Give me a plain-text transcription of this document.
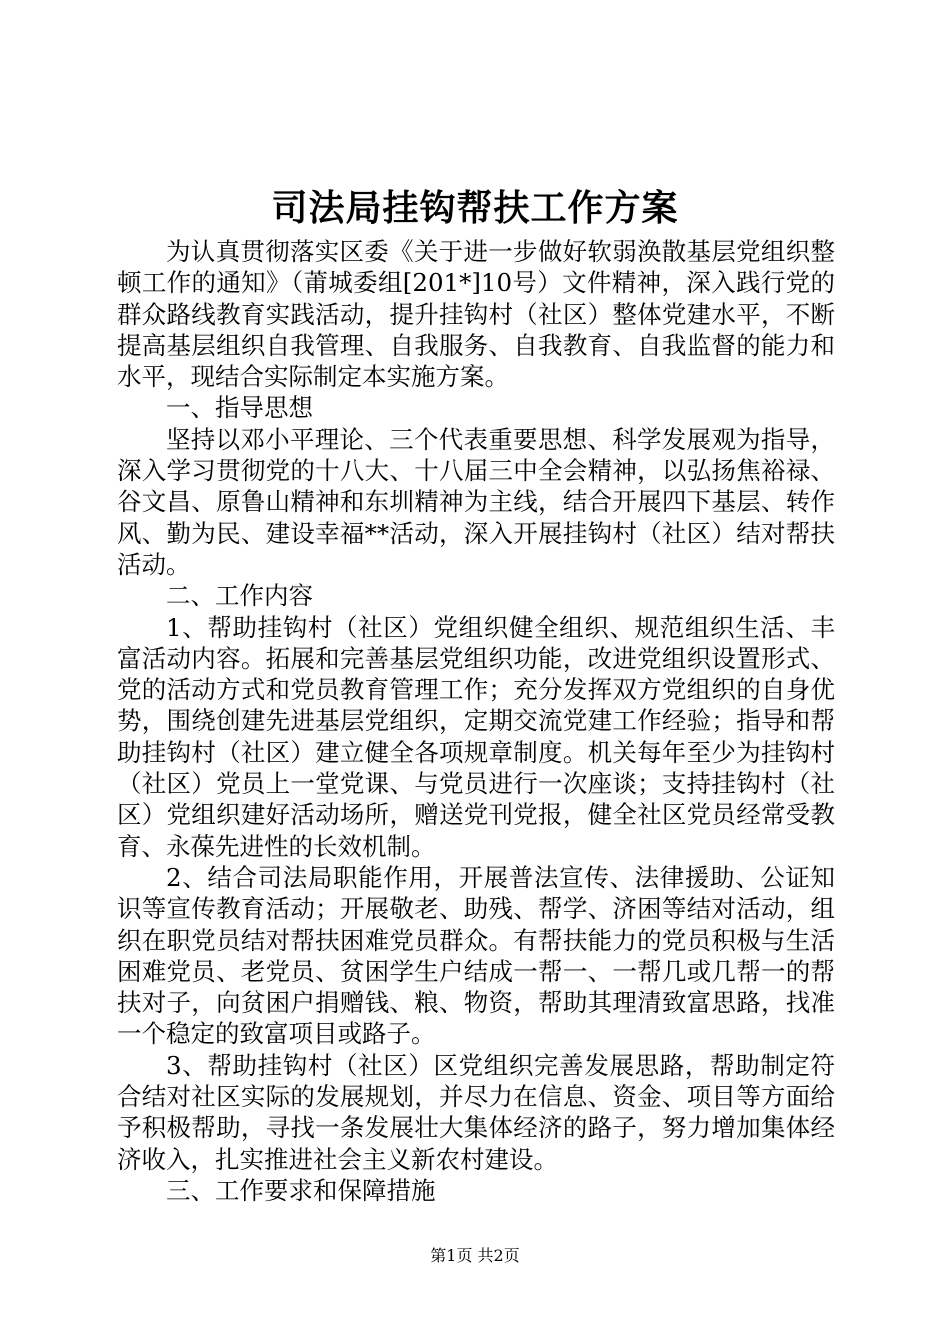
司法局挂钩帮扶工作方案

为认真贯彻落实区委《关于进一步做好软弱涣散基层党组织整顿工作的通知》（莆城委组[201*]10号）文件精神，深入践行党的群众路线教育实践活动，提升挂钩村（社区）整体党建水平，不断提高基层组织自我管理、自我服务、自我教育、自我监督的能力和水平，现结合实际制定本实施方案。

一、指导思想

坚持以邓小平理论、三个代表重要思想、科学发展观为指导，深入学习贯彻党的十八大、十八届三中全会精神，以弘扬焦裕禄、谷文昌、原鲁山精神和东圳精神为主线，结合开展四下基层、转作风、勤为民、建设幸福**活动，深入开展挂钩村（社区）结对帮扶活动。

二、工作内容

1、帮助挂钩村（社区）党组织健全组织、规范组织生活、丰富活动内容。拓展和完善基层党组织功能，改进党组织设置形式、党的活动方式和党员教育管理工作；充分发挥双方党组织的自身优势，围绕创建先进基层党组织，定期交流党建工作经验；指导和帮助挂钩村（社区）建立健全各项规章制度。机关每年至少为挂钩村（社区）党员上一堂党课、与党员进行一次座谈；支持挂钩村（社区）党组织建好活动场所，赠送党刊党报，健全社区党员经常受教育、永葆先进性的长效机制。

2、结合司法局职能作用，开展普法宣传、法律援助、公证知识等宣传教育活动；开展敬老、助残、帮学、济困等结对活动，组织在职党员结对帮扶困难党员群众。有帮扶能力的党员积极与生活困难党员、老党员、贫困学生户结成一帮一、一帮几或几帮一的帮扶对子，向贫困户捐赠钱、粮、物资，帮助其理清致富思路，找准一个稳定的致富项目或路子。

3、帮助挂钩村（社区）区党组织完善发展思路，帮助制定符合结对社区实际的发展规划，并尽力在信息、资金、项目等方面给予积极帮助，寻找一条发展壮大集体经济的路子，努力增加集体经济收入，扎实推进社会主义新农村建设。

三、工作要求和保障措施

第1页 共2页
